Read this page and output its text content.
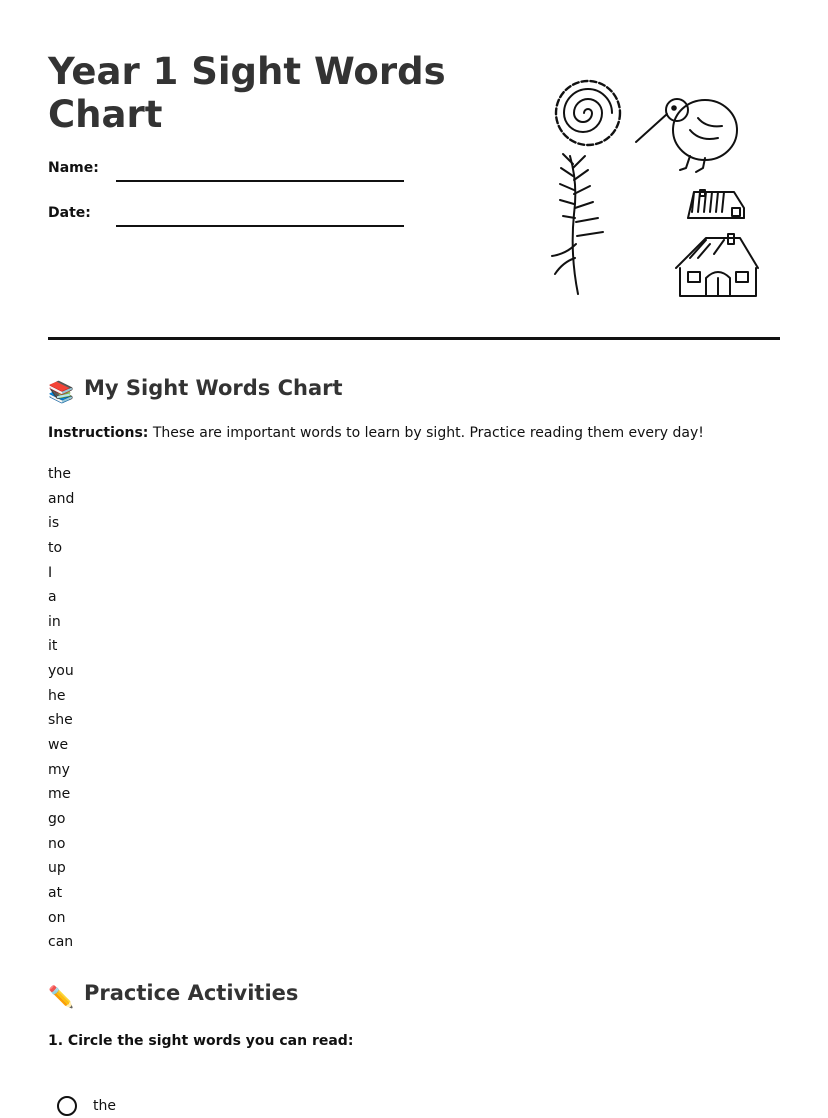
Year 1 Sight Words Chart
Name:
Date:
📚 My Sight Words Chart
Instructions: These are important words to learn by sight. Practice reading them every day!
the
and
is
to
I
a
in
it
you
he
she
we
my
me
go
no
up
at
on
can
✏️ Practice Activities
1. Circle the sight words you can read:
the
